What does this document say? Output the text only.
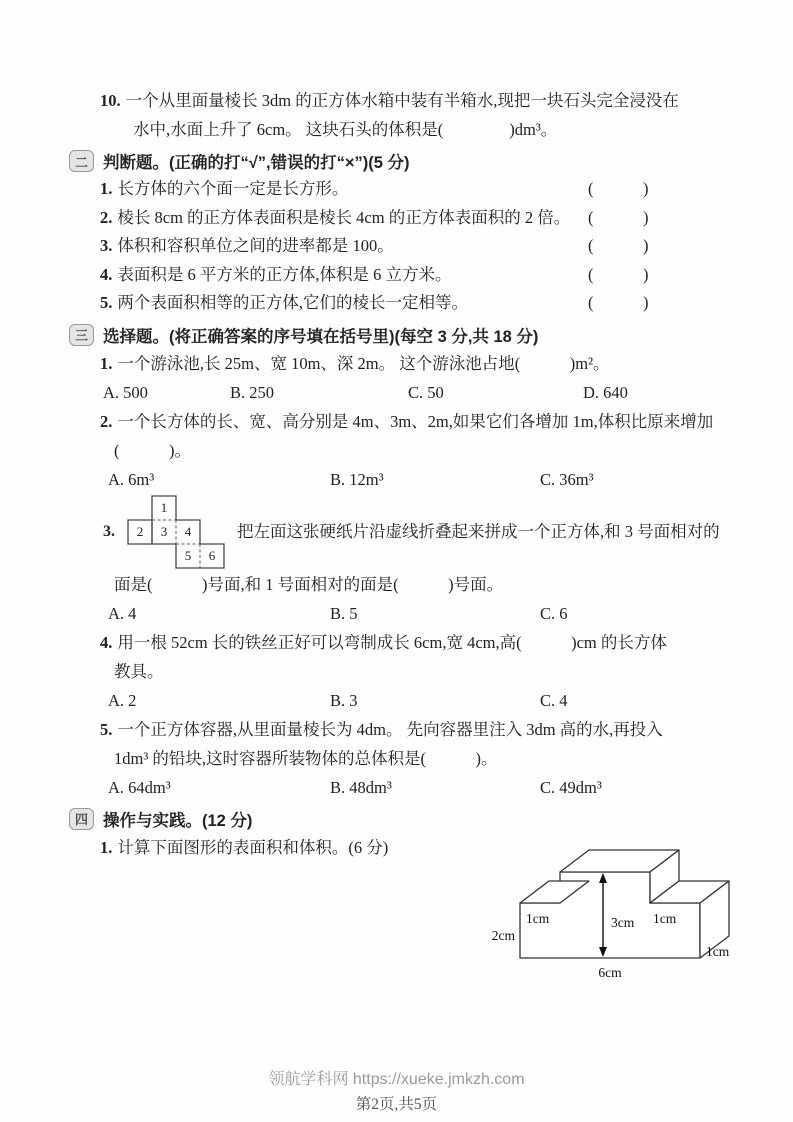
10. 一个从里面量棱长 3dm 的正方体水箱中装有半箱水,现把一块石头完全浸没在
水中,水面上升了 6cm。 这块石头的体积是(　　　　)dm³。
二 判断题。(正确的打“√”,错误的打“×”)(5 分)
1. 长方体的六个面一定是长方形。	(　　　)
2. 棱长 8cm 的正方体表面积是棱长 4cm 的正方体表面积的 2 倍。 (　　　)
3. 体积和容积单位之间的进率都是 100。	(　　　)
4. 表面积是 6 平方米的正方体,体积是 6 立方米。	(　　　)
5. 两个表面积相等的正方体,它们的棱长一定相等。	(　　　)
三 选择题。(将正确答案的序号填在括号里)(每空 3 分,共 18 分)
1. 一个游泳池,长 25m、宽 10m、深 2m。 这个游泳池占地(　　　)m²。
A. 500	B. 250	C. 50	D. 640
2. 一个长方体的长、宽、高分别是 4m、3m、2m,如果它们各增加 1m,体积比原来增加
(　　　)。
A. 6m³	B. 12m³	C. 36m³
3.
1
2 3 4
5 6
把左面这张硬纸片沿虚线折叠起来拼成一个正方体,和 3 号面相对的
面是(　　　)号面,和 1 号面相对的面是(　　　)号面。
A. 4	B. 5	C. 6
4. 用一根 52cm 长的铁丝正好可以弯制成长 6cm,宽 4cm,高(　　　)cm 的长方体
教具。
A. 2	B. 3	C. 4
5. 一个正方体容器,从里面量棱长为 4dm。 先向容器里注入 3dm 高的水,再投入
1dm³ 的铅块,这时容器所装物体的总体积是(　　　)。
A. 64dm³	B. 48dm³	C. 49dm³
四 操作与实践。(12 分)
1. 计算下面图形的表面积和体积。(6 分)
1cm	1cm
3cm
2cm
6cm
1cm
领航学科网 https://xueke.jmkzh.com
第2页,共5页
